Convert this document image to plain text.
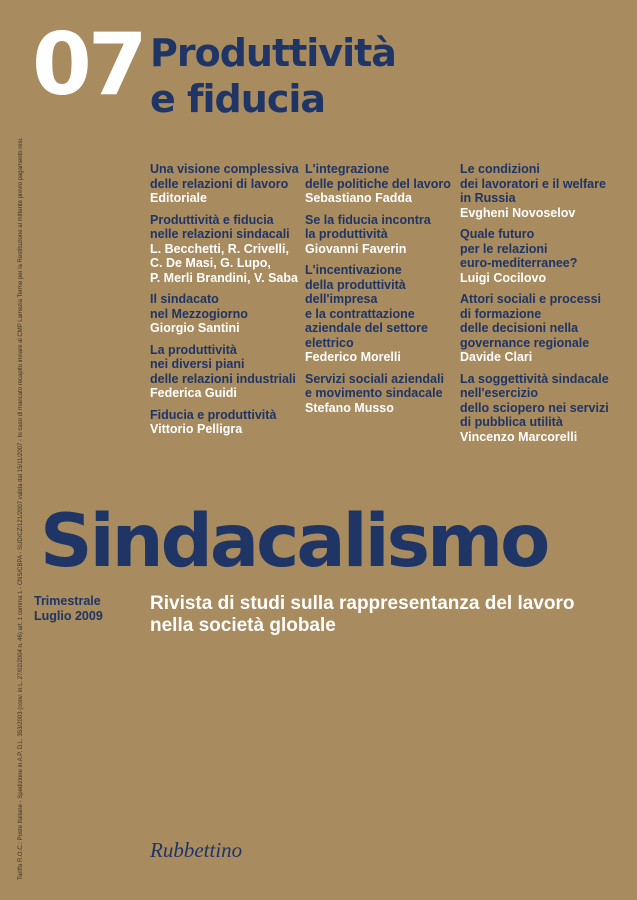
Tariffa R.O.C.: Poste Italiane - Spedizione in A.P. D.L. 353/2003 (conv. in L. 27/02/2004 n. 46) art. 1 comma 1 - CNS/CBPA - SUD/CZ/121/2007 valida dal 15/11/2007 - In caso di mancato recapito inviare al CMP Lamezia Terme per la Restituzione al mittente previo pagamento resi.
07 Produttività
e fiducia
Una visione complessiva
delle relazioni di lavoro
Editoriale
Produttività e fiducia
nelle relazioni sindacali
L. Becchetti, R. Crivelli,
C. De Masi, G. Lupo,
P. Merli Brandini, V. Saba
Il sindacato
nel Mezzogiorno
Giorgio Santini
La produttività
nei diversi piani
delle relazioni industriali
Federica Guidi
Fiducia e produttività
Vittorio Pelligra
L'integrazione
delle politiche del lavoro
Sebastiano Fadda
Se la fiducia incontra
la produttività
Giovanni Faverin
L'incentivazione
della produttività
dell'impresa
e la contrattazione
aziendale del settore
elettrico
Federico Morelli
Servizi sociali aziendali
e movimento sindacale
Stefano Musso
Le condizioni
dei lavoratori e il welfare
in Russia
Evgheni Novoselov
Quale futuro
per le relazioni
euro-mediterranee?
Luigi Cocilovo
Attori sociali e processi
di formazione
delle decisioni nella
governance regionale
Davide Clari
La soggettività sindacale
nell'esercizio
dello sciopero nei servizi
di pubblica utilità
Vincenzo Marcorelli
Sindacalismo
Trimestrale
Luglio 2009
Rivista di studi sulla rappresentanza del lavoro
nella società globale
Rubbettino
